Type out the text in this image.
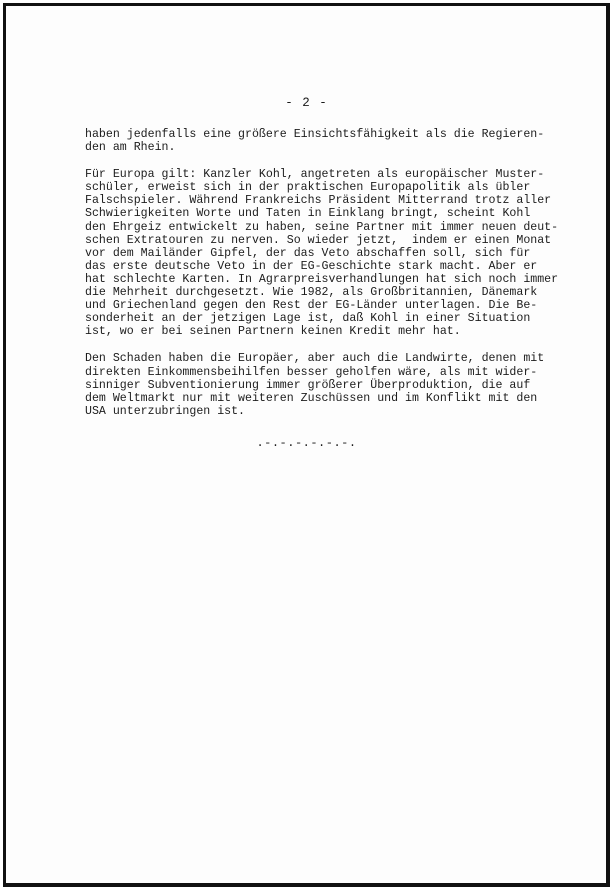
- 2 -

haben jedenfalls eine größere Einsichtsfähigkeit als die Regieren-
den am Rhein.

Für Europa gilt: Kanzler Kohl, angetreten als europäischer Muster-
schüler, erweist sich in der praktischen Europapolitik als übler
Falschspieler. Während Frankreichs Präsident Mitterrand trotz aller
Schwierigkeiten Worte und Taten in Einklang bringt, scheint Kohl
den Ehrgeiz entwickelt zu haben, seine Partner mit immer neuen deut-
schen Extratouren zu nerven. So wieder jetzt,  indem er einen Monat
vor dem Mailänder Gipfel, der das Veto abschaffen soll, sich für
das erste deutsche Veto in der EG-Geschichte stark macht. Aber er
hat schlechte Karten. In Agrarpreisverhandlungen hat sich noch immer
die Mehrheit durchgesetzt. Wie 1982, als Großbritannien, Dänemark
und Griechenland gegen den Rest der EG-Länder unterlagen. Die Be-
sonderheit an der jetzigen Lage ist, daß Kohl in einer Situation
ist, wo er bei seinen Partnern keinen Kredit mehr hat.

Den Schaden haben die Europäer, aber auch die Landwirte, denen mit
direkten Einkommensbeihilfen besser geholfen wäre, als mit wider-
sinniger Subventionierung immer größerer Überproduktion, die auf
dem Weltmarkt nur mit weiteren Zuschüssen und im Konflikt mit den
USA unterzubringen ist.

.-.-.-.-.-.-.
